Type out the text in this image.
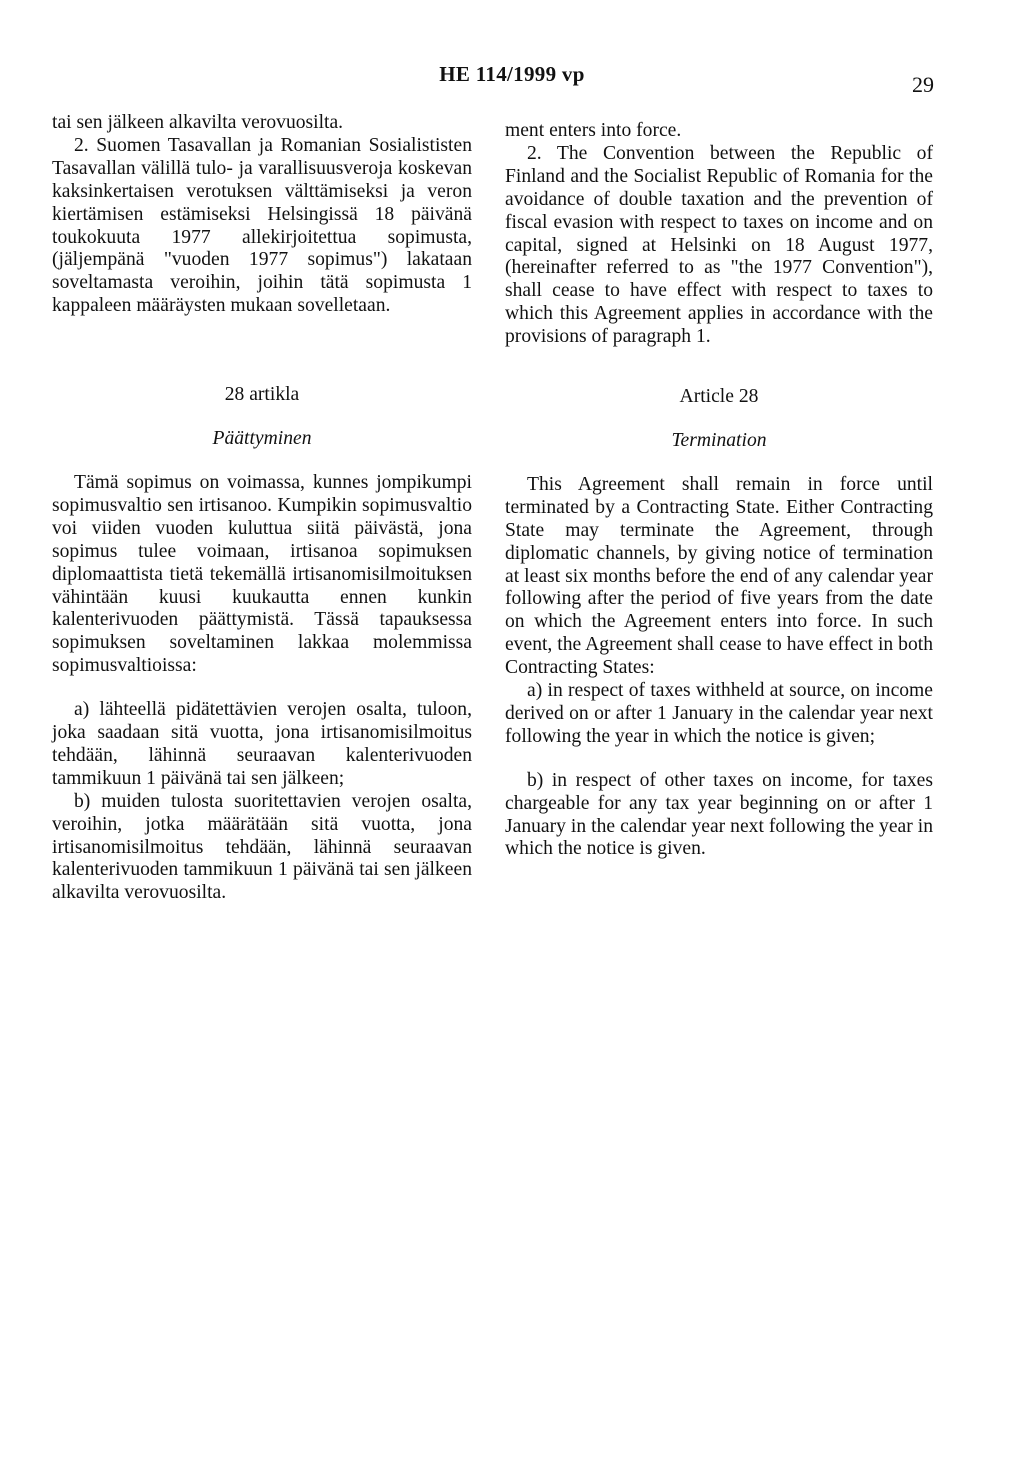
HE 114/1999 vp	29

tai sen jälkeen alkavilta verovuosilta.

2. Suomen Tasavallan ja Romanian Sosialististen Tasavallan välillä tulo- ja varallisuusveroja koskevan kaksinkertaisen verotuksen välttämiseksi ja veron kiertämisen estämiseksi Helsingissä 18 päivänä toukokuuta 1977 allekirjoitettua sopimusta, (jäljempänä "vuoden 1977 sopimus") lakataan soveltamasta veroihin, joihin tätä sopimusta 1 kappaleen määräysten mukaan sovelletaan.

28 artikla

Päättyminen

Tämä sopimus on voimassa, kunnes jompikumpi sopimusvaltio sen irtisanoo. Kumpikin sopimusvaltio voi viiden vuoden kuluttua siitä päivästä, jona sopimus tulee voimaan, irtisanoa sopimuksen diplomaattista tietä tekemällä irtisanomisilmoituksen vähintään kuusi kuukautta ennen kunkin kalenterivuoden päättymistä. Tässä tapauksessa sopimuksen soveltaminen lakkaa molemmissa sopimusvaltioissa:

a) lähteellä pidätettävien verojen osalta, tuloon, joka saadaan sitä vuotta, jona irtisanomisilmoitus tehdään, lähinnä seuraavan kalenterivuoden tammikuun 1 päivänä tai sen jälkeen;

b) muiden tulosta suoritettavien verojen osalta, veroihin, jotka määrätään sitä vuotta, jona irtisanomisilmoitus tehdään, lähinnä seuraavan kalenterivuoden tammikuun 1 päivänä tai sen jälkeen alkavilta verovuosilta.

ment enters into force.

2. The Convention between the Republic of Finland and the Socialist Republic of Romania for the avoidance of double taxation and the prevention of fiscal evasion with respect to taxes on income and on capital, signed at Helsinki on 18 August 1977, (hereinafter referred to as "the 1977 Convention"), shall cease to have effect with respect to taxes to which this Agreement applies in accordance with the provisions of paragraph 1.

Article 28

Termination

This Agreement shall remain in force until terminated by a Contracting State. Either Contracting State may terminate the Agreement, through diplomatic channels, by giving notice of termination at least six months before the end of any calendar year following after the period of five years from the date on which the Agreement enters into force. In such event, the Agreement shall cease to have effect in both Contracting States:

a) in respect of taxes withheld at source, on income derived on or after 1 January in the calendar year next following the year in which the notice is given;

b) in respect of other taxes on income, for taxes chargeable for any tax year beginning on or after 1 January in the calendar year next following the year in which the notice is given.
